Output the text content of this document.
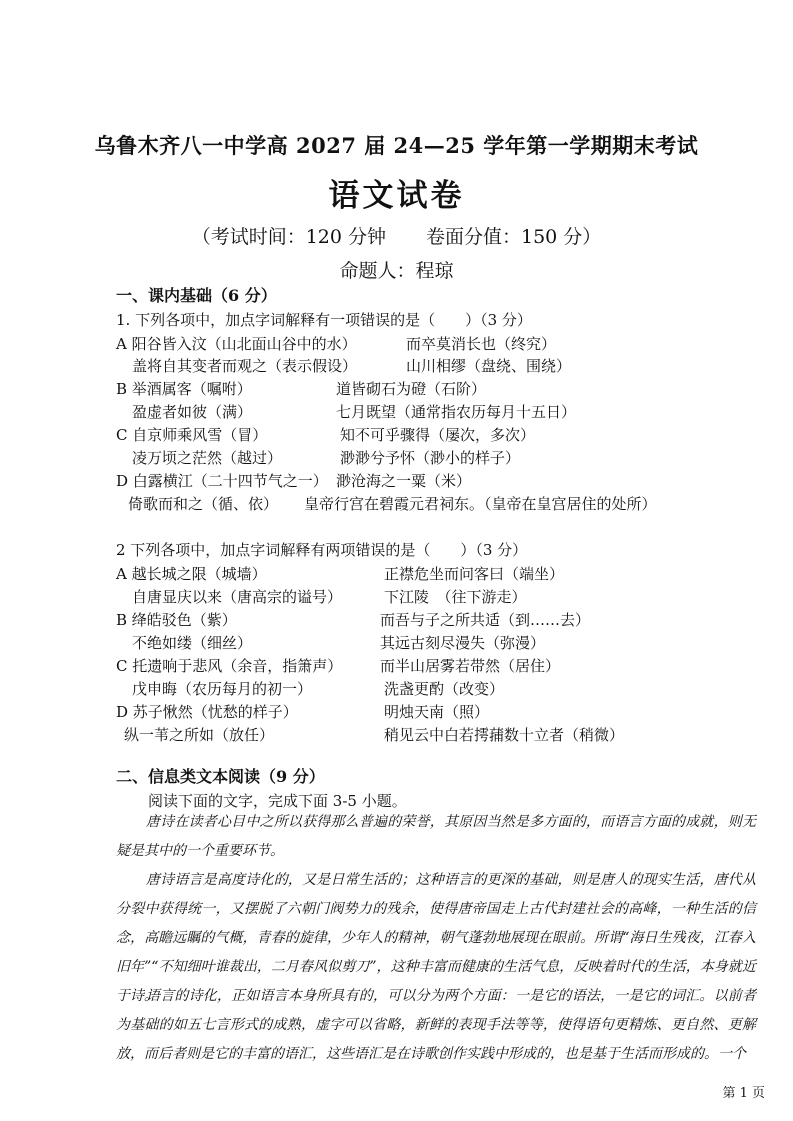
乌鲁木齐八一中学高 2027 届 24—25 学年第一学期期末考试
语文试卷
（考试时间：120 分钟 卷面分值：150 分）
命题人：程琼
一、课内基础（6 分）
1. 下列各项中，加点字词解释有一项错误的是（　　）（3 分）
A 阳谷皆入汶（山北面山谷中的水）	而卒莫消长也（终究）
盖将自其变者而观之（表示假设）	山川相缪（盘绕、围绕）
B 举酒属客（嘱咐）	道皆砌石为磴（石阶）
盈虚者如彼（满）	七月既望（通常指农历每月十五日）
C 自京师乘风雪（冒）	知不可乎骤得（屡次，多次）
凌万顷之茫然（越过）	渺渺兮予怀（渺小的样子）
D 白露横江（二十四节气之一） 渺沧海之一粟（米）
倚歌而和之（循、依） 皇帝行宫在碧霞元君祠东。（皇帝在皇宫居住的处所）
2 下列各项中，加点字词解释有两项错误的是（　　）（3 分）
A 越长城之限（城墙）	正襟危坐而问客曰（端坐）
自唐显庆以来（唐高宗的谥号）	下江陵　（往下游走）
B 绛皓驳色（紫）	而吾与子之所共适（到……去）
不绝如缕（细丝）	其远古刻尽漫失（弥漫）
C 托遗响于悲风（余音，指箫声）	而半山居雾若带然（居住）
戊申晦（农历每月的初一）	洗盏更酌（改变）
D 苏子愀然（忧愁的样子）	明烛天南（照）
纵一苇之所如（放任）	稍见云中白若摴蒱数十立者（稍微）
二、信息类文本阅读（9 分）
阅读下面的文字，完成下面 3-5 小题。
唐诗在读者心目中之所以获得那么普遍的荣誉，其原因当然是多方面的，而语言方面的成就，则无疑是其中的一个重要环节。
唐诗语言是高度诗化的，又是日常生活的；这种语言的更深的基础，则是唐人的现实生活，唐代从分裂中获得统一，又摆脱了六朝门阀势力的残余，使得唐帝国走上古代封建社会的高峰，一种生活的信念，高瞻远瞩的气概，青春的旋律，少年人的精神，朝气蓬勃地展现在眼前。所谓“海日生残夜，江春入旧年”“不知细叶谁裁出，二月春风似剪刀”，这种丰富而健康的生活气息，反映着时代的生活，本身就近于诗。
语言的诗化，正如语言本身所具有的，可以分为两个方面：一是它的语法，一是它的词汇。以前者为基础的如五七言形式的成熟，虚字可以省略，新鲜的表现手法等等，使得语句更精炼、更自然、更解放，而后者则是它的丰富的语汇，这些语汇是在诗歌创作实践中形成的，也是基于生活而形成的。一个
第 1 页
